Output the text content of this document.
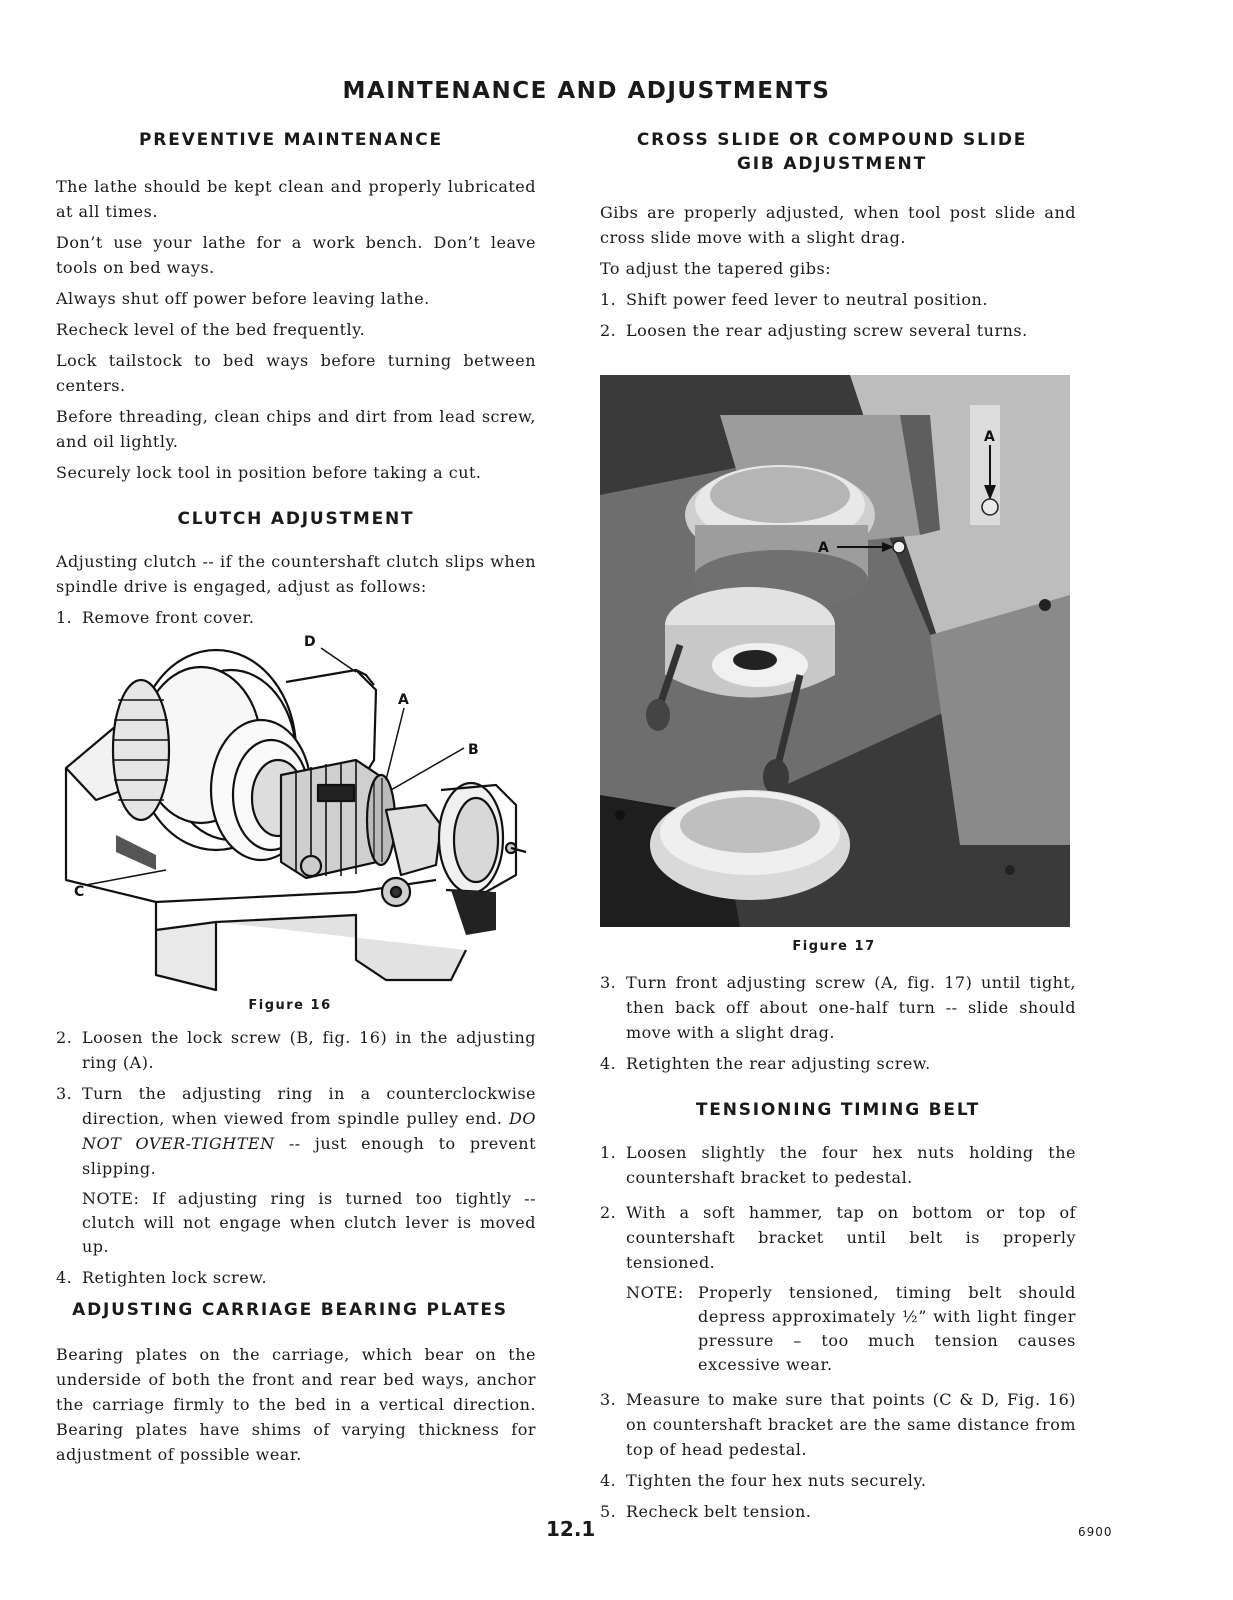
MAINTENANCE AND ADJUSTMENTS
PREVENTIVE MAINTENANCE

The lathe should be kept clean and properly lubricated at all times.

Don’t use your lathe for a work bench. Don’t leave tools on bed ways.

Always shut off power before leaving lathe.

Recheck level of the bed frequently.

Lock tailstock to bed ways before turning between centers.

Before threading, clean chips and dirt from lead screw, and oil lightly.

Securely lock tool in position before taking a cut.

CLUTCH ADJUSTMENT

Adjusting clutch -- if the countershaft clutch slips when spindle drive is engaged, adjust as follows:

1. Remove front cover.
D
A
B
C
Figure 16
2. Loosen the lock screw (B, fig. 16) in the adjusting ring (A).
3. Turn the adjusting ring in a counterclockwise direction, when viewed from spindle pulley end. DO NOT OVER-TIGHTEN -- just enough to prevent slipping.

NOTE: If adjusting ring is turned too tightly -- clutch will not engage when clutch lever is moved up.

4. Retighten lock screw.
ADJUSTING CARRIAGE BEARING PLATES

Bearing plates on the carriage, which bear on the underside of both the front and rear bed ways, anchor the carriage firmly to the bed in a vertical direction. Bearing plates have shims of varying thickness for adjustment of possible wear.

CROSS SLIDE OR COMPOUND SLIDE
GIB ADJUSTMENT

Gibs are properly adjusted, when tool post slide and cross slide move with a slight drag.

To adjust the tapered gibs:

1. Shift power feed lever to neutral position.
2. Loosen the rear adjusting screw several turns.
A
A
Figure 17
3. Turn front adjusting screw (A, fig. 17) until tight, then back off about one-half turn -- slide should move with a slight drag.
4. Retighten the rear adjusting screw.
TENSIONING TIMING BELT
1. Loosen slightly the four hex nuts holding the countershaft bracket to pedestal.
2. With a soft hammer, tap on bottom or top of countershaft bracket until belt is properly tensioned.
NOTE: Properly tensioned, timing belt should depress approximately ½” with light finger pressure – too much tension causes excessive wear.
3. Measure to make sure that points (C & D, Fig. 16) on countershaft bracket are the same distance from top of head pedestal.
4. Tighten the four hex nuts securely.
5. Recheck belt tension.
12.1	6900
